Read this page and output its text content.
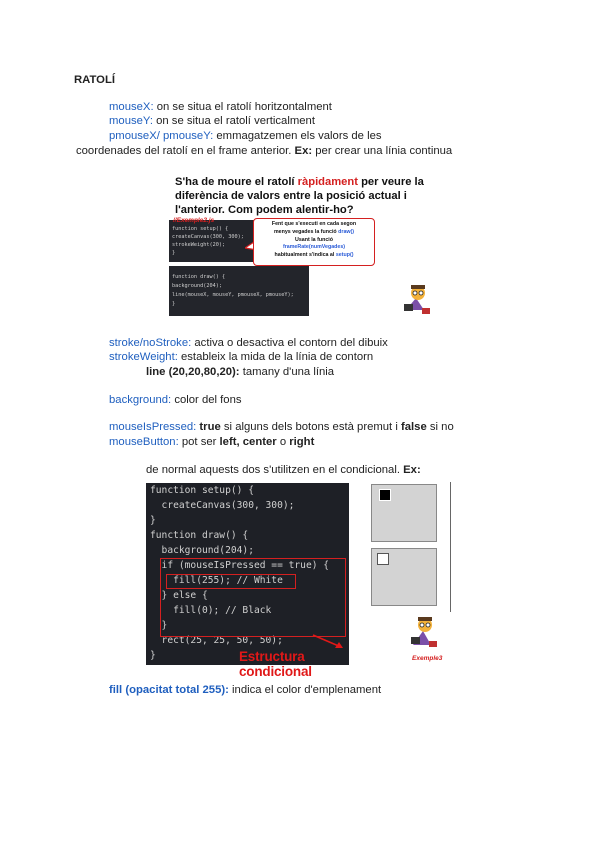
RATOLÍ
mouseX: on se situa el ratolí horitzontalment
mouseY: on se situa el ratolí verticalment
pmouseX/ pmouseY: emmagatzemen els valors de les
coordenades del ratolí en el frame anterior. Ex: per crear una línia continua
S'ha de moure el ratolí ràpidament per veure la diferència de valors entre la posició actual i l'anterior. Com podem alentir-ho?
function setup() {
createCanvas(300, 300);
strokeWeight(20);
}
function draw() {
background(204);
line(mouseX, mouseY, pmouseX, pmouseY);
}
//Exemple2.js	Fent que s'executi en cada segon
menys vegades la funció draw()
Usant la funció
frameRate(numVegades)
habitualment s'indica al setup()
stroke/noStroke: activa o desactiva el contorn del dibuix
strokeWeight: estableix la mida de la línia de contorn
line (20,20,80,20): tamany d'una línia
background: color del fons
mouseIsPressed: true si alguns dels botons està premut i false si no
mouseButton: pot ser left, center o right
de normal aquests dos s'utilitzen en el condicional. Ex:
function setup() {
createCanvas(300, 300);
}
function draw() {
background(204);
if (mouseIsPressed == true) {
fill(255); // White
} else {
fill(0); // Black
}
rect(25, 25, 50, 50);
}	Estructura condicional
Exemple3
fill (opacitat total 255): indica el color d'emplenament
